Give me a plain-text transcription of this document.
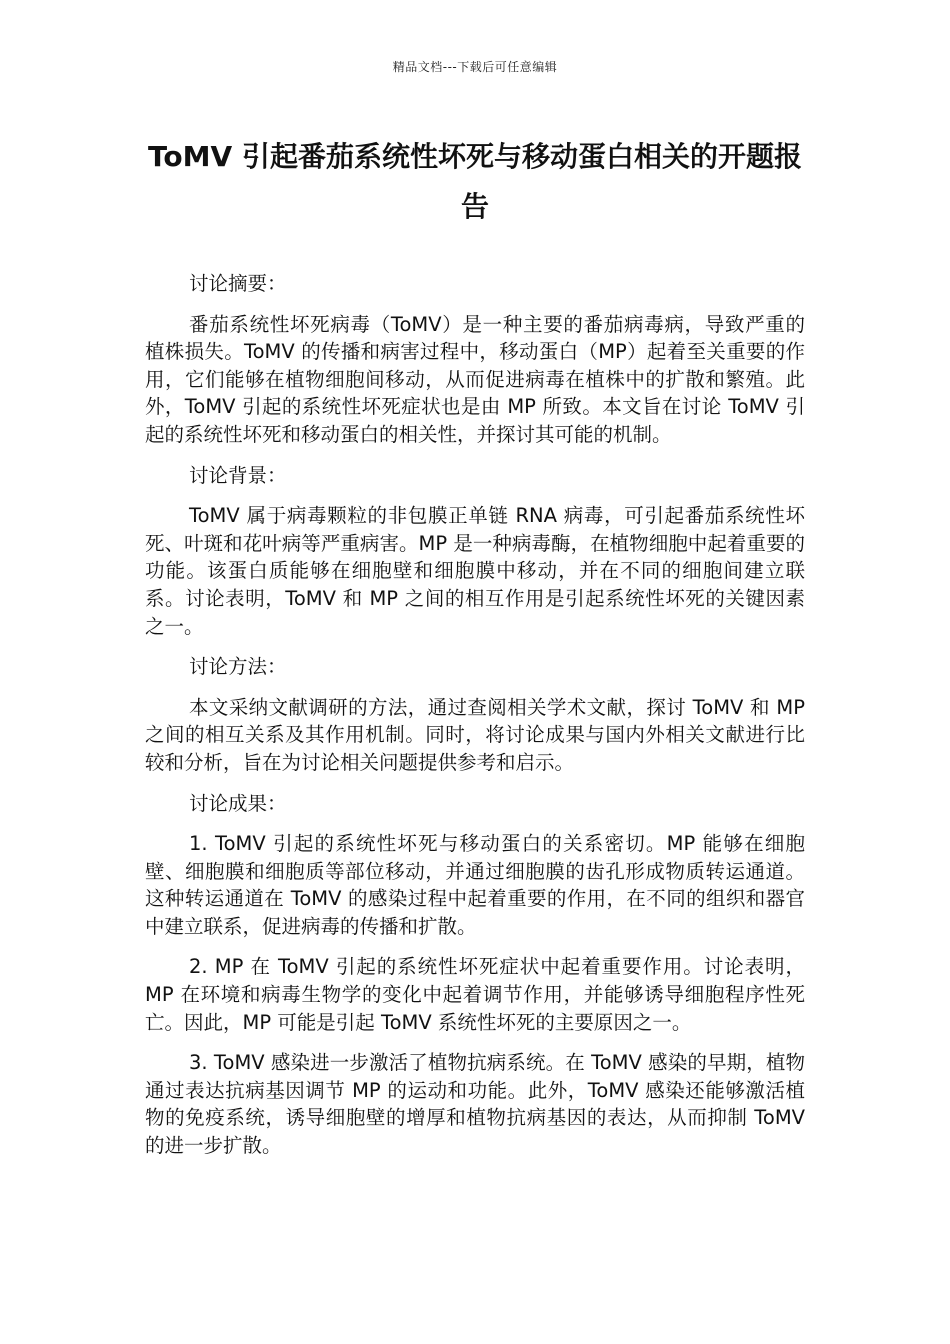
精品文档---下载后可任意编辑
ToMV 引起番茄系统性坏死与移动蛋白相关的开题报告

讨论摘要：

番茄系统性坏死病毒（ToMV）是一种主要的番茄病毒病，导致严重的植株损失。ToMV 的传播和病害过程中，移动蛋白（MP）起着至关重要的作用，它们能够在植物细胞间移动，从而促进病毒在植株中的扩散和繁殖。此外，ToMV 引起的系统性坏死症状也是由 MP 所致。本文旨在讨论 ToMV 引起的系统性坏死和移动蛋白的相关性，并探讨其可能的机制。

讨论背景：

ToMV 属于病毒颗粒的非包膜正单链 RNA 病毒，可引起番茄系统性坏死、叶斑和花叶病等严重病害。MP 是一种病毒酶，在植物细胞中起着重要的功能。该蛋白质能够在细胞壁和细胞膜中移动，并在不同的细胞间建立联系。讨论表明，ToMV 和 MP 之间的相互作用是引起系统性坏死的关键因素之一。

讨论方法：

本文采纳文献调研的方法，通过查阅相关学术文献，探讨 ToMV 和 MP 之间的相互关系及其作用机制。同时，将讨论成果与国内外相关文献进行比较和分析，旨在为讨论相关问题提供参考和启示。

讨论成果：

1. ToMV 引起的系统性坏死与移动蛋白的关系密切。MP 能够在细胞壁、细胞膜和细胞质等部位移动，并通过细胞膜的齿孔形成物质转运通道。这种转运通道在 ToMV 的感染过程中起着重要的作用，在不同的组织和器官中建立联系，促进病毒的传播和扩散。

2. MP 在 ToMV 引起的系统性坏死症状中起着重要作用。讨论表明，MP 在环境和病毒生物学的变化中起着调节作用，并能够诱导细胞程序性死亡。因此，MP 可能是引起 ToMV 系统性坏死的主要原因之一。

3. ToMV 感染进一步激活了植物抗病系统。在 ToMV 感染的早期，植物通过表达抗病基因调节 MP 的运动和功能。此外，ToMV 感染还能够激活植物的免疫系统，诱导细胞壁的增厚和植物抗病基因的表达，从而抑制 ToMV 的进一步扩散。
